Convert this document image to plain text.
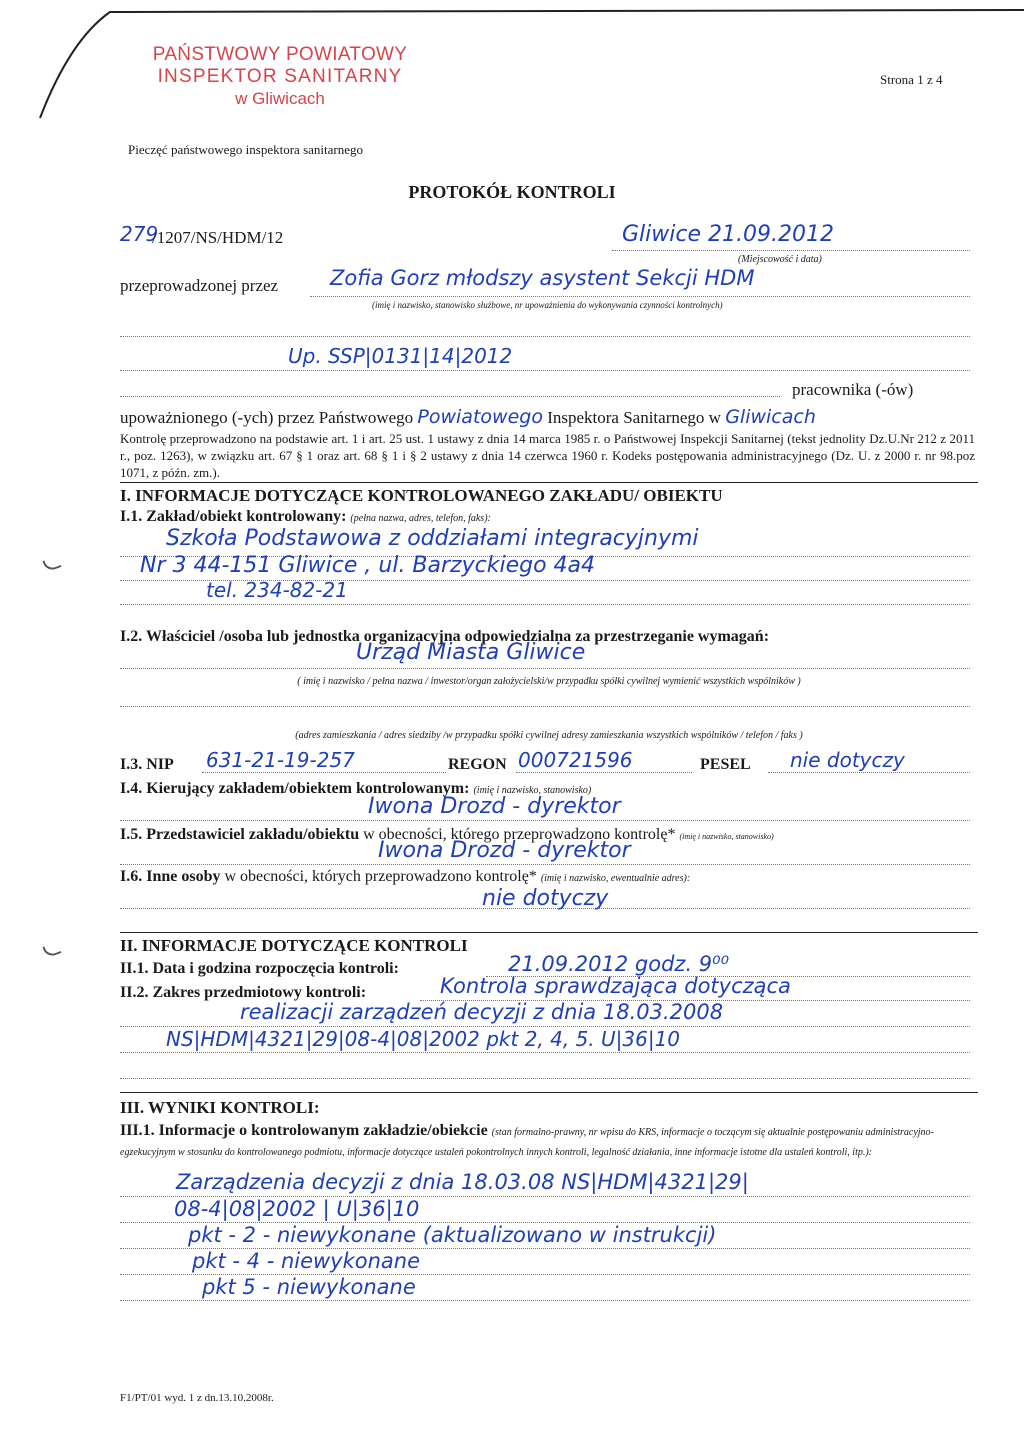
PAŃSTWOWY POWIATOWY
INSPEKTOR SANITARNY
w Gliwicach
Strona 1 z 4
Pieczęć państwowego inspektora sanitarnego
PROTOKÓŁ KONTROLI
279
/1207/NS/HDM/12	Gliwice 21.09.2012
(Miejscowość i data)
przeprowadzonej przez Zofia Gorz młodszy asystent Sekcji HDM
(imię i nazwisko, stanowisko służbowe, nr upoważnienia do wykonywania czynności kontrolnych)
Up. SSP|0131|14|2012
pracownika (-ów)
upoważnionego (-ych) przez Państwowego Powiatowego Inspektora Sanitarnego w Gliwicach
Kontrolę przeprowadzono na podstawie art. 1 i art. 25 ust. 1 ustawy z dnia 14 marca 1985 r. o Państwowej Inspekcji Sanitarnej (tekst jednolity Dz.U.Nr 212 z 2011 r., poz. 1263), w związku art. 67 § 1 oraz art. 68 § 1 i § 2 ustawy z dnia 14 czerwca 1960 r. Kodeks postępowania administracyjnego (Dz. U. z 2000 r. nr 98.poz 1071, z późn. zm.).
I. INFORMACJE DOTYCZĄCE KONTROLOWANEGO ZAKŁADU/ OBIEKTU
I.1. Zakład/obiekt kontrolowany: (pełna nazwa, adres, telefon, faks):
Szkoła Podstawowa z oddziałami integracyjnymi
Nr 3 44-151 Gliwice , ul. Barzyckiego 4a4
tel. 234-82-21
I.2. Właściciel /osoba lub jednostka organizacyjna odpowiedzialna za przestrzeganie wymagań:
Urząd Miasta Gliwice
( imię i nazwisko / pełna nazwa / inwestor/organ założycielski/w przypadku spółki cywilnej wymienić wszystkich wspólników )
(adres zamieszkania / adres siedziby /w przypadku spółki cywilnej adresy zamieszkania wszystkich wspólników / telefon / faks )
I.3. NIP 631-21-19-257	REGON 000721596	PESEL nie dotyczy
I.4. Kierujący zakładem/obiektem kontrolowanym: (imię i nazwisko, stanowisko)
Iwona Drozd - dyrektor
I.5. Przedstawiciel zakładu/obiektu w obecności, którego przeprowadzono kontrolę* (imię i nazwisko, stanowisko)
Iwona Drozd - dyrektor
I.6. Inne osoby w obecności, których przeprowadzono kontrolę* (imię i nazwisko, ewentualnie adres):
nie dotyczy
II. INFORMACJE DOTYCZĄCE KONTROLI
II.1. Data i godzina rozpoczęcia kontroli:	21.09.2012 godz. 9⁰⁰
II.2. Zakres przedmiotowy kontroli:	Kontrola sprawdzająca dotycząca
realizacji zarządzeń decyzji z dnia 18.03.2008
NS|HDM|4321|29|08-4|08|2002 pkt 2, 4, 5. U|36|10
III. WYNIKI KONTROLI:
III.1. Informacje o kontrolowanym zakładzie/obiekcie (stan formalno-prawny, nr wpisu do KRS, informacje o toczącym się aktualnie postępowaniu administracyjno-egzekucyjnym w stosunku do kontrolowanego podmiotu, informacje dotyczące ustaleń pokontrolnych innych kontroli, legalność działania, inne informacje istotne dla ustaleń kontroli, itp.):
Zarządzenia decyzji z dnia 18.03.08 NS|HDM|4321|29|
08-4|08|2002 | U|36|10
pkt - 2 - niewykonane (aktualizowano w instrukcji)
pkt - 4 - niewykonane
pkt 5 - niewykonane
F1/PT/01 wyd. 1 z dn.13.10.2008r.
